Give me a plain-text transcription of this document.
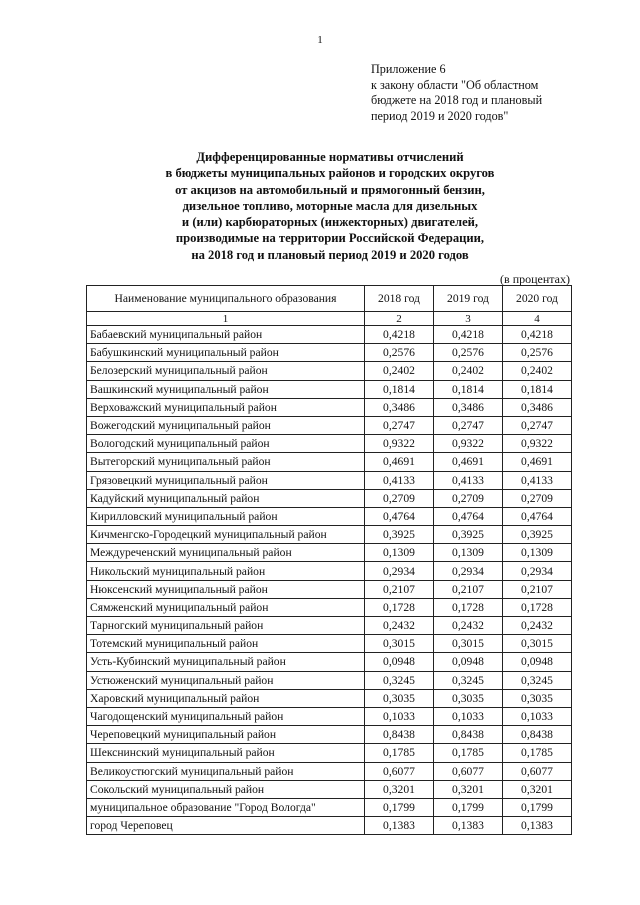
1
Приложение 6
к закону области "Об областном
бюджете на 2018 год и плановый
период 2019 и 2020 годов"
Дифференцированные нормативы отчислений
в бюджеты муниципальных районов и городских округов
от акцизов на автомобильный и прямогонный бензин,
дизельное топливо, моторные масла для дизельных
и (или) карбюраторных (инжекторных) двигателей,
производимые на территории Российской Федерации,
на 2018 год и плановый период 2019 и 2020 годов
(в процентах)
Наименование муниципального образования	2018 год	2019 год	2020 год
1	2	3	4
Бабаевский муниципальный район	0,4218	0,4218	0,4218
Бабушкинский муниципальный район	0,2576	0,2576	0,2576
Белозерский муниципальный район	0,2402	0,2402	0,2402
Вашкинский муниципальный район	0,1814	0,1814	0,1814
Верховажский муниципальный район	0,3486	0,3486	0,3486
Вожегодский муниципальный район	0,2747	0,2747	0,2747
Вологодский муниципальный район	0,9322	0,9322	0,9322
Вытегорский муниципальный район	0,4691	0,4691	0,4691
Грязовецкий муниципальный район	0,4133	0,4133	0,4133
Кадуйский муниципальный район	0,2709	0,2709	0,2709
Кирилловский муниципальный район	0,4764	0,4764	0,4764
Кичменгско-Городецкий муниципальный район	0,3925	0,3925	0,3925
Междуреченский муниципальный район	0,1309	0,1309	0,1309
Никольский муниципальный район	0,2934	0,2934	0,2934
Нюксенский муниципальный район	0,2107	0,2107	0,2107
Сямженский муниципальный район	0,1728	0,1728	0,1728
Тарногский муниципальный район	0,2432	0,2432	0,2432
Тотемский муниципальный район	0,3015	0,3015	0,3015
Усть-Кубинский муниципальный район	0,0948	0,0948	0,0948
Устюженский муниципальный район	0,3245	0,3245	0,3245
Харовский муниципальный район	0,3035	0,3035	0,3035
Чагодощенский муниципальный район	0,1033	0,1033	0,1033
Череповецкий муниципальный район	0,8438	0,8438	0,8438
Шекснинский муниципальный район	0,1785	0,1785	0,1785
Великоустюгский муниципальный район	0,6077	0,6077	0,6077
Сокольский муниципальный район	0,3201	0,3201	0,3201
муниципальное образование "Город Вологда"	0,1799	0,1799	0,1799
город Череповец	0,1383	0,1383	0,1383
